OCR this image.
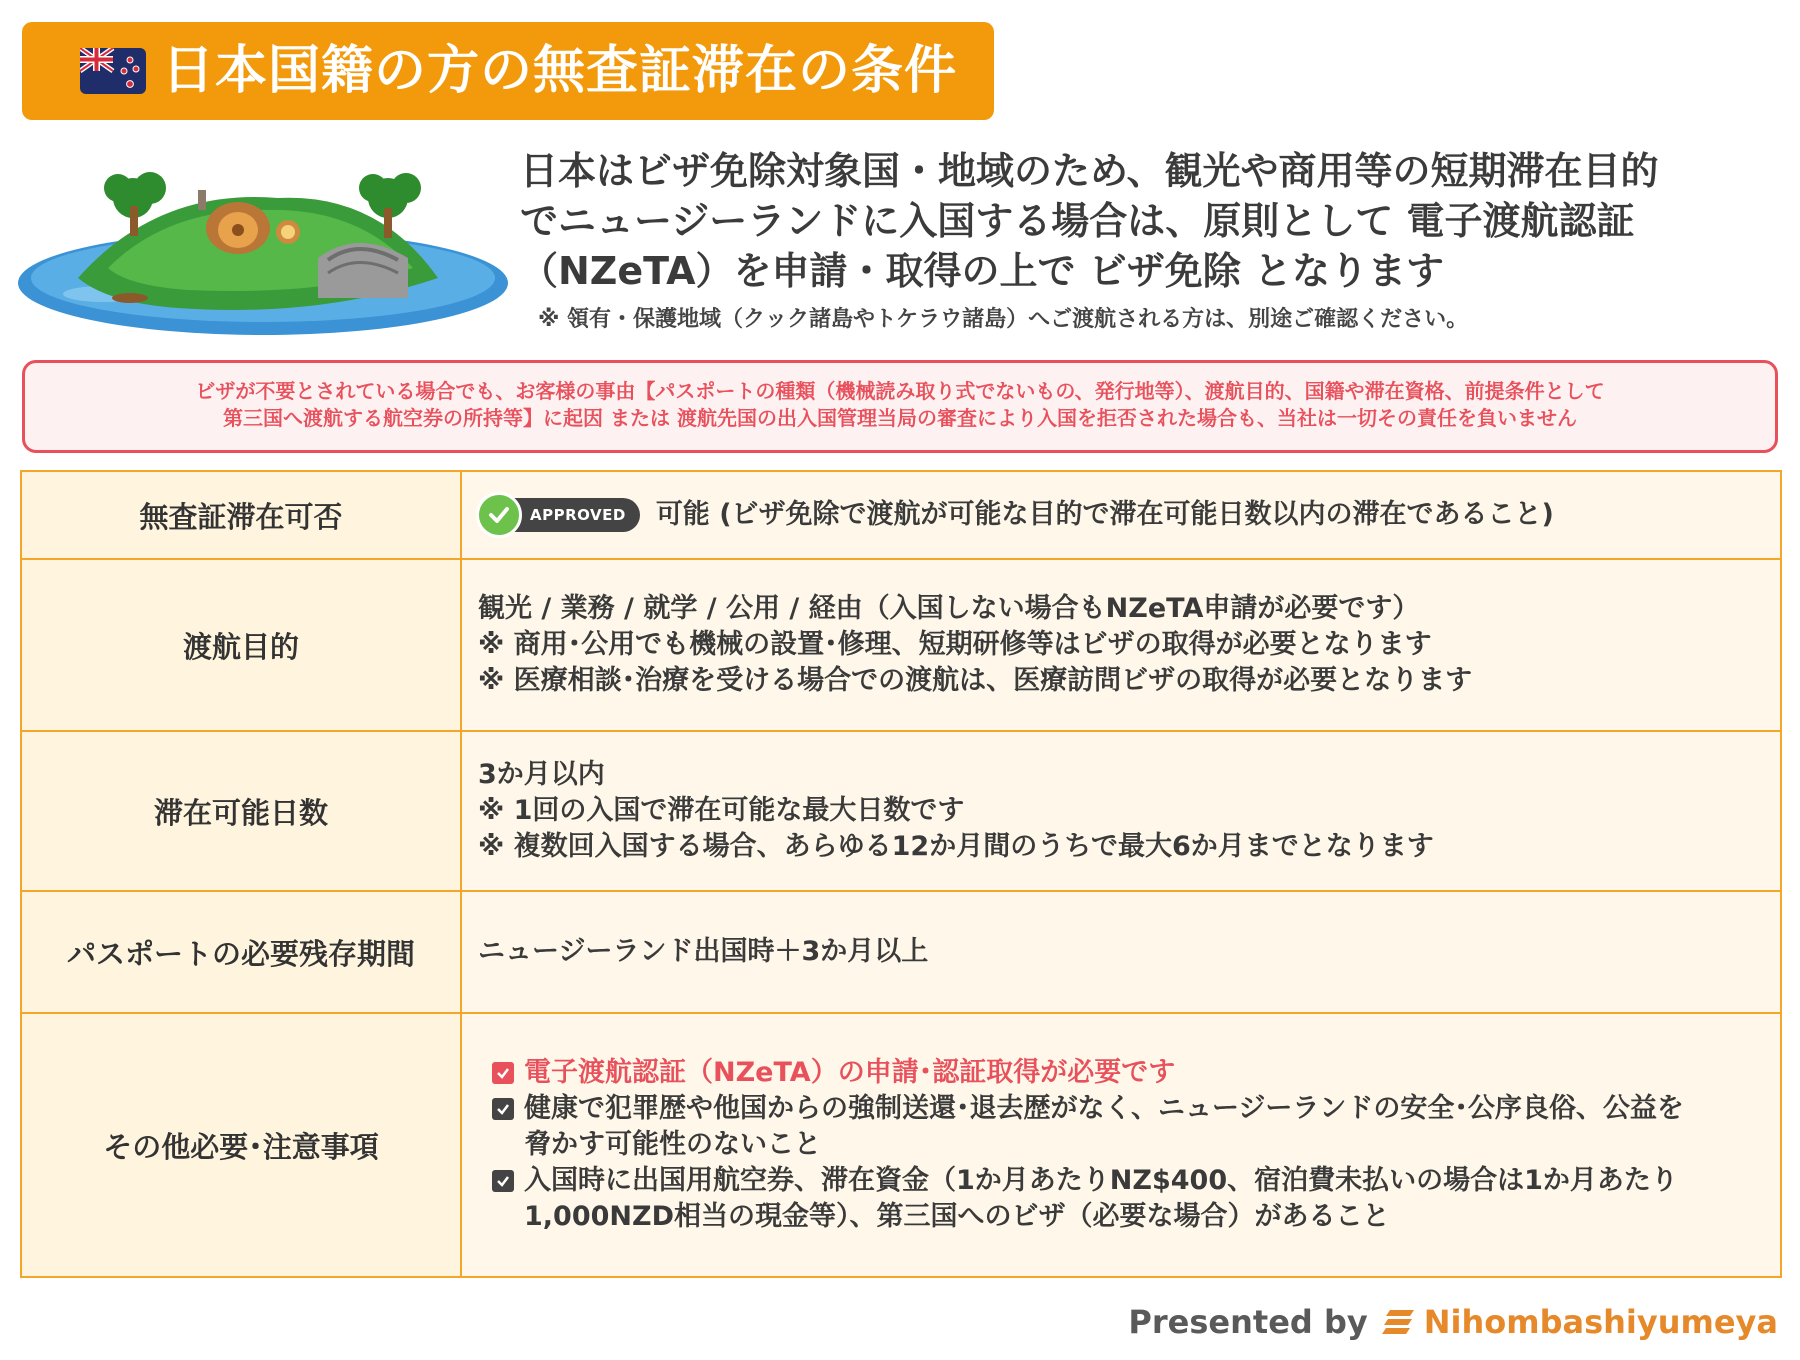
日本国籍の方の無査証滞在の条件
日本はビザ免除対象国・地域のため、観光や商用等の短期滞在目的
でニュージーランドに入国する場合は、原則として 電子渡航認証
（NZeTA）を申請・取得の上で ビザ免除 となります
※ 領有・保護地域（クック諸島やトケラウ諸島）へご渡航される方は、別途ご確認ください。
ビザが不要とされている場合でも、お客様の事由【パスポートの種類（機械読み取り式でないもの、発行地等）、渡航目的、国籍や滞在資格、前提条件として
第三国へ渡航する航空券の所持等】に起因 または 渡航先国の出入国管理当局の審査により入国を拒否された場合も、当社は一切その責任を負いません
無査証滞在可否	APPROVED 可能 (ビザ免除で渡航が可能な目的で滞在可能日数以内の滞在であること)
渡航目的
観光 / 業務 / 就学 / 公用 / 経由（入国しない場合もNZeTA申請が必要です）
※ 商用･公用でも機械の設置･修理、短期研修等はビザの取得が必要となります
※ 医療相談･治療を受ける場合での渡航は、医療訪問ビザの取得が必要となります
滞在可能日数
3か月以内
※ 1回の入国で滞在可能な最大日数です
※ 複数回入国する場合、あらゆる12か月間のうちで最大6か月までとなります
パスポートの必要残存期間	ニュージーランド出国時＋3か月以上
その他必要･注意事項
電子渡航認証（NZeTA）の申請･認証取得が必要です
健康で犯罪歴や他国からの強制送還･退去歴がなく、ニュージーランドの安全･公序良俗、公益を
脅かす可能性のないこと
入国時に出国用航空券、滞在資金（1か月あたりNZ$400、宿泊費未払いの場合は1か月あたり
1,000NZD相当の現金等）、第三国へのビザ（必要な場合）があること
Presented by Nihombashiyumeya
